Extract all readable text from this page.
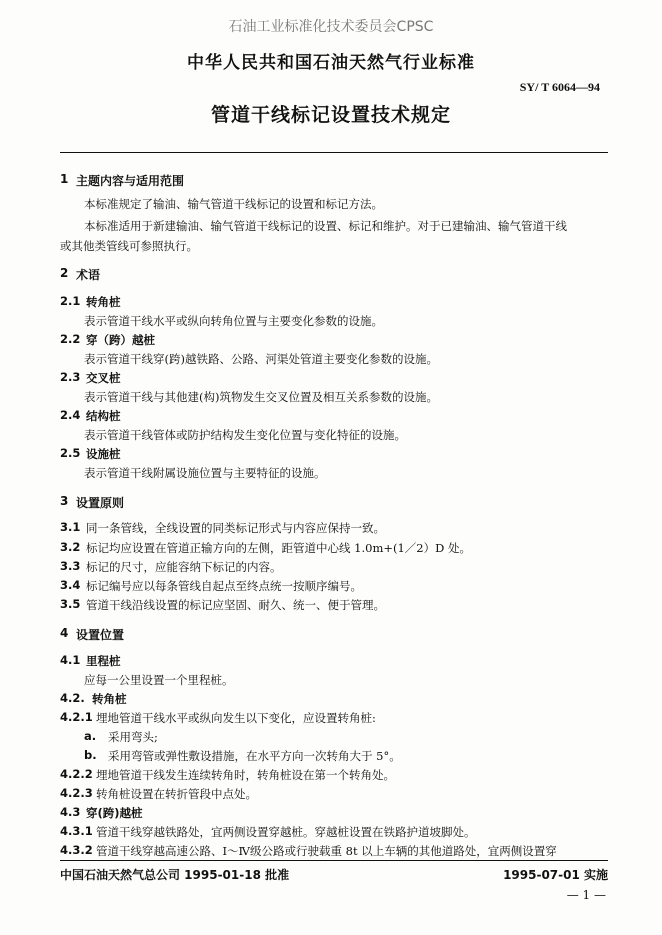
石油工业标准化技术委员会CPSC
中华人民共和国石油天然气行业标准
SY/ T 6064—94
管道干线标记设置技术规定
1 主题内容与适用范围
本标准规定了输油、输气管道干线标记的设置和标记方法。
本标准适用于新建输油、输气管道干线标记的设置、标记和维护。对于已建输油、输气管道干线
或其他类管线可参照执行。
2 术语
2.1 转角桩
表示管道干线水平或纵向转角位置与主要变化参数的设施。
2.2 穿（跨）越桩
表示管道干线穿(跨)越铁路、公路、河渠处管道主要变化参数的设施。
2.3 交叉桩
表示管道干线与其他建(构)筑物发生交叉位置及相互关系参数的设施。
2.4 结构桩
表示管道干线管体或防护结构发生变化位置与变化特征的设施。
2.5 设施桩
表示管道干线附属设施位置与主要特征的设施。
3 设置原则
3.1 同一条管线，全线设置的同类标记形式与内容应保持一致。
3.2 标记均应设置在管道正输方向的左侧，距管道中心线 1.0m+(1／2）D 处。
3.3 标记的尺寸，应能容纳下标记的内容。
3.4 标记编号应以每条管线自起点至终点统一按顺序编号。
3.5 管道干线沿线设置的标记应坚固、耐久、统一、便于管理。
4 设置位置
4.1 里程桩
应每一公里设置一个里程桩。
4.2. 转角桩
4.2.1 埋地管道干线水平或纵向发生以下变化，应设置转角桩:
a. 采用弯头;
b. 采用弯管或弹性敷设措施，在水平方向一次转角大于 5°。
4.2.2 埋地管道干线发生连续转角时，转角桩设在第一个转角处。
4.2.3 转角桩设置在转折管段中点处。
4.3 穿(跨)越桩
4.3.1 管道干线穿越铁路处，宜两侧设置穿越桩。穿越桩设置在铁路护道坡脚处。
4.3.2 管道干线穿越高速公路、Ⅰ～Ⅳ级公路或行驶载重 8t 以上车辆的其他道路处，宜两侧设置穿
中国石油天然气总公司 1995-01-18 批准	1995-07-01 实施
— 1 —
